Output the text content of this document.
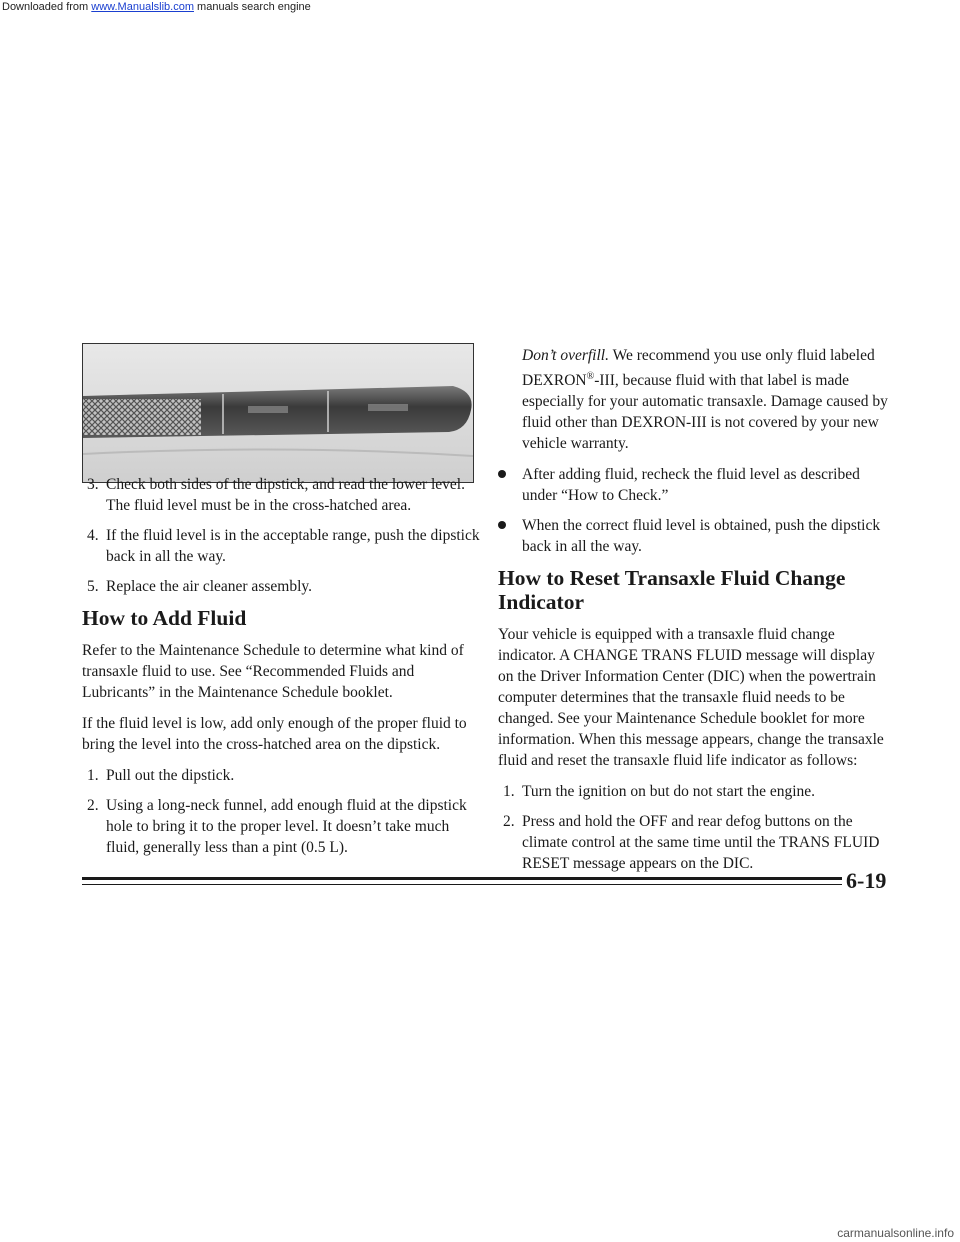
Downloaded from www.Manualslib.com manuals search engine
3. Check both sides of the dipstick, and read the lower level. The fluid level must be in the cross-hatched area.
4. If the fluid level is in the acceptable range, push the dipstick back in all the way.
5. Replace the air cleaner assembly.
How to Add Fluid

Refer to the Maintenance Schedule to determine what kind of transaxle fluid to use. See “Recommended Fluids and Lubricants” in the Maintenance Schedule booklet.

If the fluid level is low, add only enough of the proper fluid to bring the level into the cross-hatched area on the dipstick.

1. Pull out the dipstick.
2. Using a long-neck funnel, add enough fluid at the dipstick hole to bring it to the proper level. It doesn’t take much fluid, generally less than a pint (0.5 L).

Don’t overfill. We recommend you use only fluid labeled DEXRON®-III, because fluid with that label is made especially for your automatic transaxle. Damage caused by fluid other than DEXRON-III is not covered by your new vehicle warranty.

After adding fluid, recheck the fluid level as described under “How to Check.”
When the correct fluid level is obtained, push the dipstick back in all the way.
How to Reset Transaxle Fluid Change Indicator

Your vehicle is equipped with a transaxle fluid change indicator. A CHANGE TRANS FLUID message will display on the Driver Information Center (DIC) when the powertrain computer determines that the transaxle fluid needs to be changed. See your Maintenance Schedule booklet for more information. When this message appears, change the transaxle fluid and reset the transaxle fluid life indicator as follows:

1. Turn the ignition on but do not start the engine.
2. Press and hold the OFF and rear defog buttons on the climate control at the same time until the TRANS FLUID RESET message appears on the DIC.
6-19
carmanualsonline.info
